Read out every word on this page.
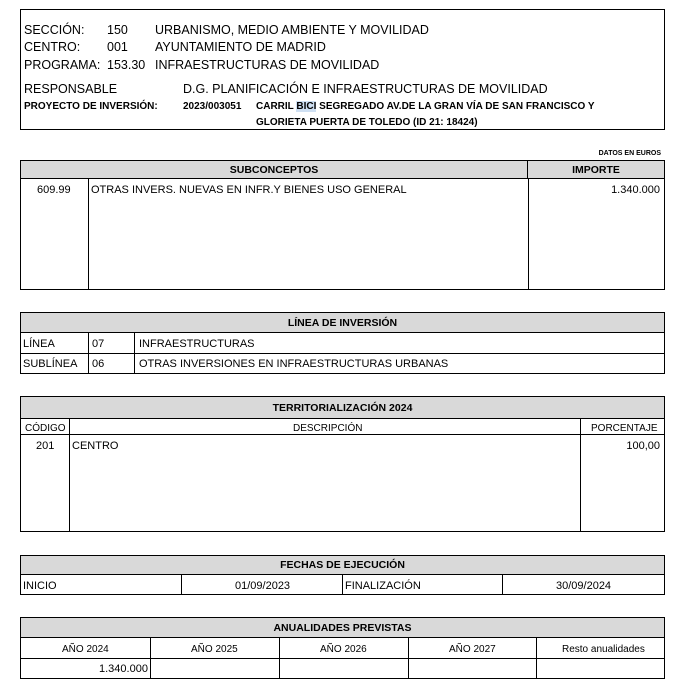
SECCIÓN: 150 URBANISMO, MEDIO AMBIENTE Y MOVILIDAD
CENTRO: 001 AYUNTAMIENTO DE MADRID
PROGRAMA: 153.30 INFRAESTRUCTURAS DE MOVILIDAD
RESPONSABLE	D.G. PLANIFICACIÓN E INFRAESTRUCTURAS DE MOVILIDAD
PROYECTO DE INVERSIÓN:	2023/003051 CARRIL BICI SEGREGADO AV.DE LA GRAN VÍA DE SAN FRANCISCO Y
GLORIETA PUERTA DE TOLEDO (ID 21: 18424)
DATOS EN EUROS
SUBCONCEPTOS	IMPORTE
609.99 OTRAS INVERS. NUEVAS EN INFR.Y BIENES USO GENERAL	1.340.000
LÍNEA DE INVERSIÓN
LÍNEA	07	INFRAESTRUCTURAS
SUBLÍNEA 06	OTRAS INVERSIONES EN INFRAESTRUCTURAS URBANAS
TERRITORIALIZACIÓN 2024
CÓDIGO	DESCRIPCIÓN	PORCENTAJE
201 CENTRO	100,00
FECHAS DE EJECUCIÓN
INICIO	01/09/2023	FINALIZACIÓN	30/09/2024
ANUALIDADES PREVISTAS
AÑO 2024	AÑO 2025	AÑO 2026	AÑO 2027	Resto anualidades
1.340.000
